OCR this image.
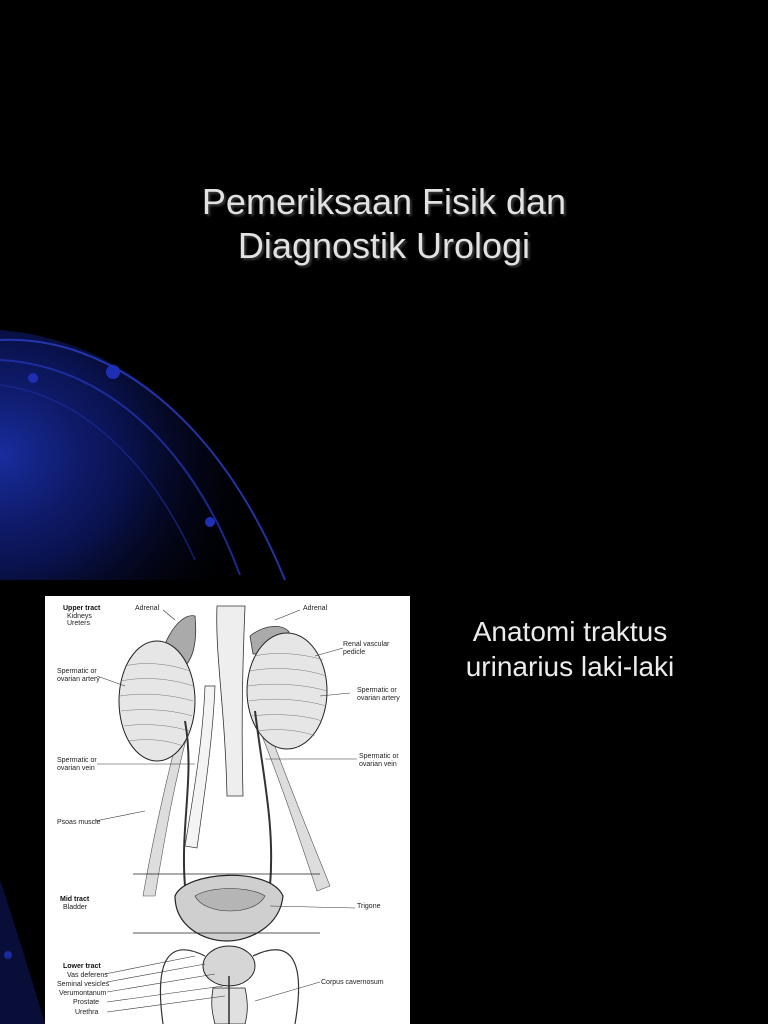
Pemeriksaan Fisik dan
Diagnostik Urologi
Anatomi traktus
urinarius laki-laki
Upper tract
Kidneys
Ureters
Adrenal	Adrenal
Renal vascular
pedicle
Spermatic or
ovarian artery
Spermatic or
ovarian artery
Spermatic or
ovarian vein
Spermatic or
ovarian vein
Psoas muscle
Mid tract
Bladder	Trigone
Lower tract
Vas deferens
Seminal vesicles
Verumontanum
Prostate
Urethra
Corpus cavernosum
